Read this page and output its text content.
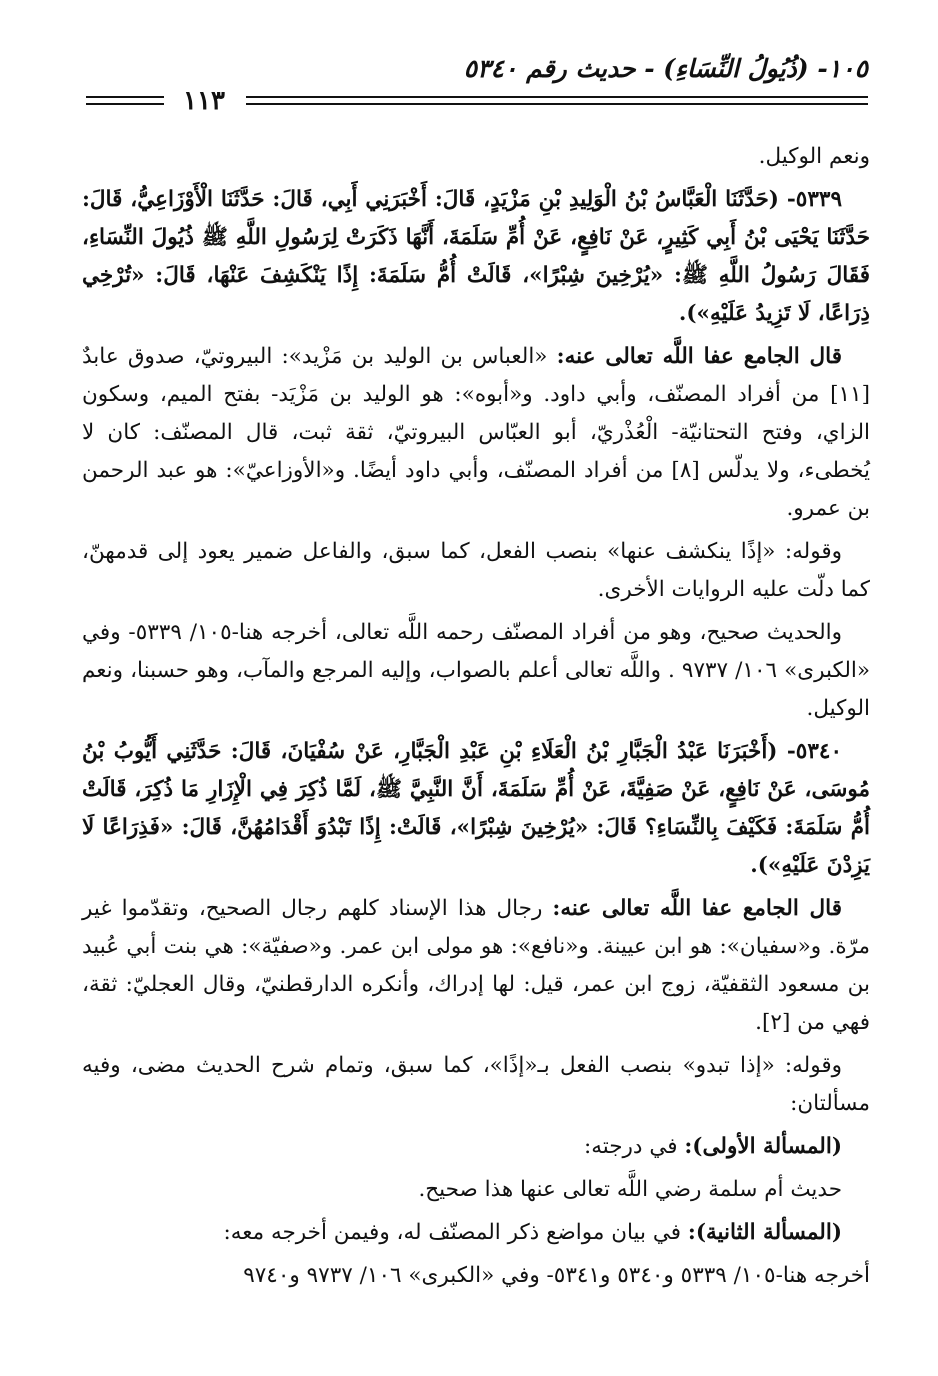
١٠٥- (ذُيُولُ النِّسَاءِ) - حديث رقم ٥٣٤٠
١١٣

ونعم الوكيل.

٥٣٣٩- (حَدَّثَنَا الْعَبَّاسُ بْنُ الْوَلِيدِ بْنِ مَزْيَدٍ، قَالَ: أَخْبَرَنِي أَبِي، قَالَ: حَدَّثَنَا الْأَوْزَاعِيُّ، قَالَ: حَدَّثَنَا يَحْيَى بْنُ أَبِي كَثِيرٍ، عَنْ نَافِعٍ، عَنْ أُمِّ سَلَمَةَ، أَنَّهَا ذَكَرَتْ لِرَسُولِ اللَّهِ ﷺ ذُيُولَ النِّسَاءِ، فَقَالَ رَسُولُ اللَّهِ ﷺ: «يُرْخِينَ شِبْرًا»، قَالَتْ أُمُّ سَلَمَةَ: إِذًا يَنْكَشِفَ عَنْهَا، قَالَ: «تُرْخِي ذِرَاعًا، لَا تَزِيدُ عَلَيْهِ»).

قال الجامع عفا اللَّه تعالى عنه: «العباس بن الوليد بن مَزْيد»: البيروتيّ، صدوق عابدٌ [١١] من أفراد المصنّف، وأبي داود. و«أبوه»: هو الوليد بن مَزْيَد- بفتح الميم، وسكون الزاي، وفتح التحتانيّة- الْعُذْريّ، أبو العبّاس البيروتيّ، ثقة ثبت، قال المصنّف: كان لا يُخطىء، ولا يدلّس [٨] من أفراد المصنّف، وأبي داود أيضًا. و«الأوزاعيّ»: هو عبد الرحمن بن عمرو.

وقوله: «إذًا ينكشف عنها» بنصب الفعل، كما سبق، والفاعل ضمير يعود إلى قدمهنّ، كما دلّت عليه الروايات الأخرى.

والحديث صحيح، وهو من أفراد المصنّف رحمه اللَّه تعالى، أخرجه هنا-١٠٥/ ٥٣٣٩- وفي «الكبرى» ١٠٦/ ٩٧٣٧ . واللَّه تعالى أعلم بالصواب، وإليه المرجع والمآب، وهو حسبنا، ونعم الوكيل.

٥٣٤٠- (أَخْبَرَنَا عَبْدُ الْجَبَّارِ بْنُ الْعَلَاءِ بْنِ عَبْدِ الْجَبَّارِ، عَنْ سُفْيَانَ، قَالَ: حَدَّثَنِي أَيُّوبُ بْنُ مُوسَى، عَنْ نَافِعٍ، عَنْ صَفِيَّةَ، عَنْ أُمِّ سَلَمَةَ، أَنَّ النَّبِيَّ ﷺ، لَمَّا ذُكِرَ فِي الْإِزَارِ مَا ذُكِرَ، قَالَتْ أُمُّ سَلَمَةَ: فَكَيْفَ بِالنِّسَاءِ؟ قَالَ: «يُرْخِينَ شِبْرًا»، قَالَتْ: إِذًا تَبْدُوَ أَقْدَامُهُنَّ، قَالَ: «فَذِرَاعًا لَا يَزِدْنَ عَلَيْهِ»).

قال الجامع عفا اللَّه تعالى عنه: رجال هذا الإسناد كلهم رجال الصحيح، وتقدّموا غير مرّة. و«سفيان»: هو ابن عيينة. و«نافع»: هو مولى ابن عمر. و«صفيّة»: هي بنت أبي عُبيد بن مسعود الثقفيّة، زوج ابن عمر، قيل: لها إدراك، وأنكره الدارقطنيّ، وقال العجليّ: ثقة، فهي من [٢].

وقوله: «إذا تبدو» بنصب الفعل بـ«إذًا»، كما سبق، وتمام شرح الحديث مضى، وفيه مسألتان:

(المسألة الأولى): في درجته:

حديث أم سلمة رضي اللَّه تعالى عنها هذا صحيح.

(المسألة الثانية): في بيان مواضع ذكر المصنّف له، وفيمن أخرجه معه:

أخرجه هنا-١٠٥/ ٥٣٣٩ و٥٣٤٠ و٥٣٤١- وفي «الكبرى» ١٠٦/ ٩٧٣٧ و٩٧٤٠
